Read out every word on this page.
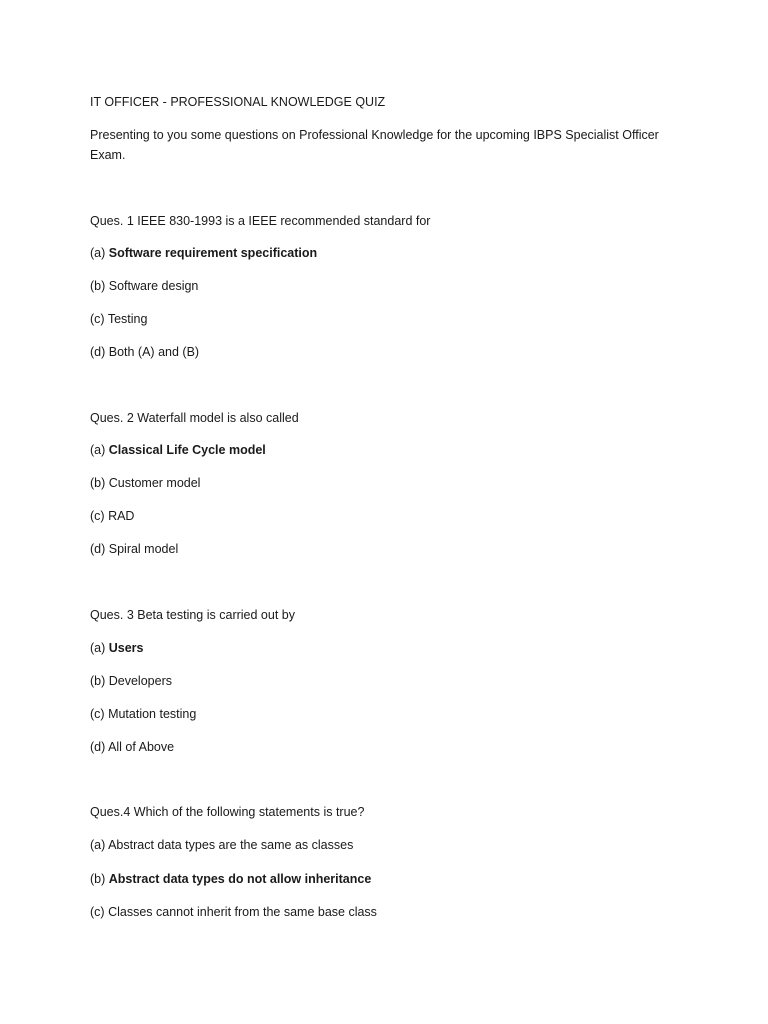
IT OFFICER - PROFESSIONAL KNOWLEDGE QUIZ

Presenting to you some questions on Professional Knowledge for the upcoming IBPS Specialist Officer Exam.

Ques. 1 IEEE 830-1993 is a IEEE recommended standard for

(a) Software requirement specification

(b) Software design

(c) Testing

(d) Both (A) and (B)

Ques. 2 Waterfall model is also called

(a) Classical Life Cycle model

(b) Customer model

(c) RAD

(d) Spiral model

Ques. 3 Beta testing is carried out by

(a) Users

(b) Developers

(c) Mutation testing

(d) All of Above

Ques.4 Which of the following statements is true?

(a) Abstract data types are the same as classes

(b) Abstract data types do not allow inheritance

(c) Classes cannot inherit from the same base class
